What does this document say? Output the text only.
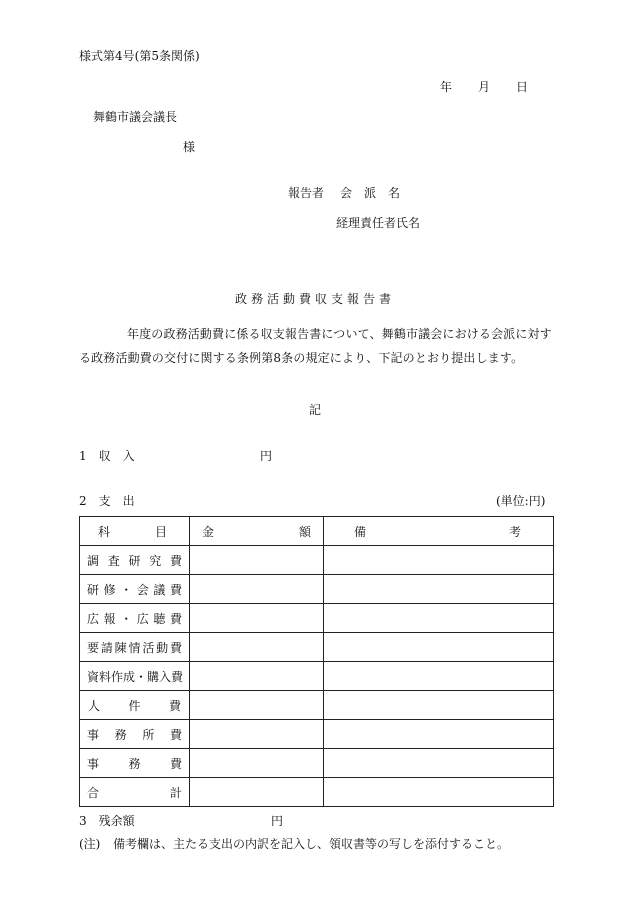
様式第4号(第5条関係)
年 月 日
舞鶴市議会議長
様
報告者 会　派　名
経理責任者氏名
政務活動費収支報告書
年度の政務活動費に係る収支報告書について、舞鶴市議会における会派に対する政務活動費の交付に関する条例第8条の規定により、下記のとおり提出します。
記
1　収　入	円
2　支　出	(単位:円)
科　目	金　額	備　考

調査研究費		
研修・会議費		
広報・広聴費		
要請陳情活動費		
資料作成・購入費		
人件費		
事務所費		
事務費		
合計		
3　残余額	円
(注) 備考欄は、主たる支出の内訳を記入し、領収書等の写しを添付すること。
